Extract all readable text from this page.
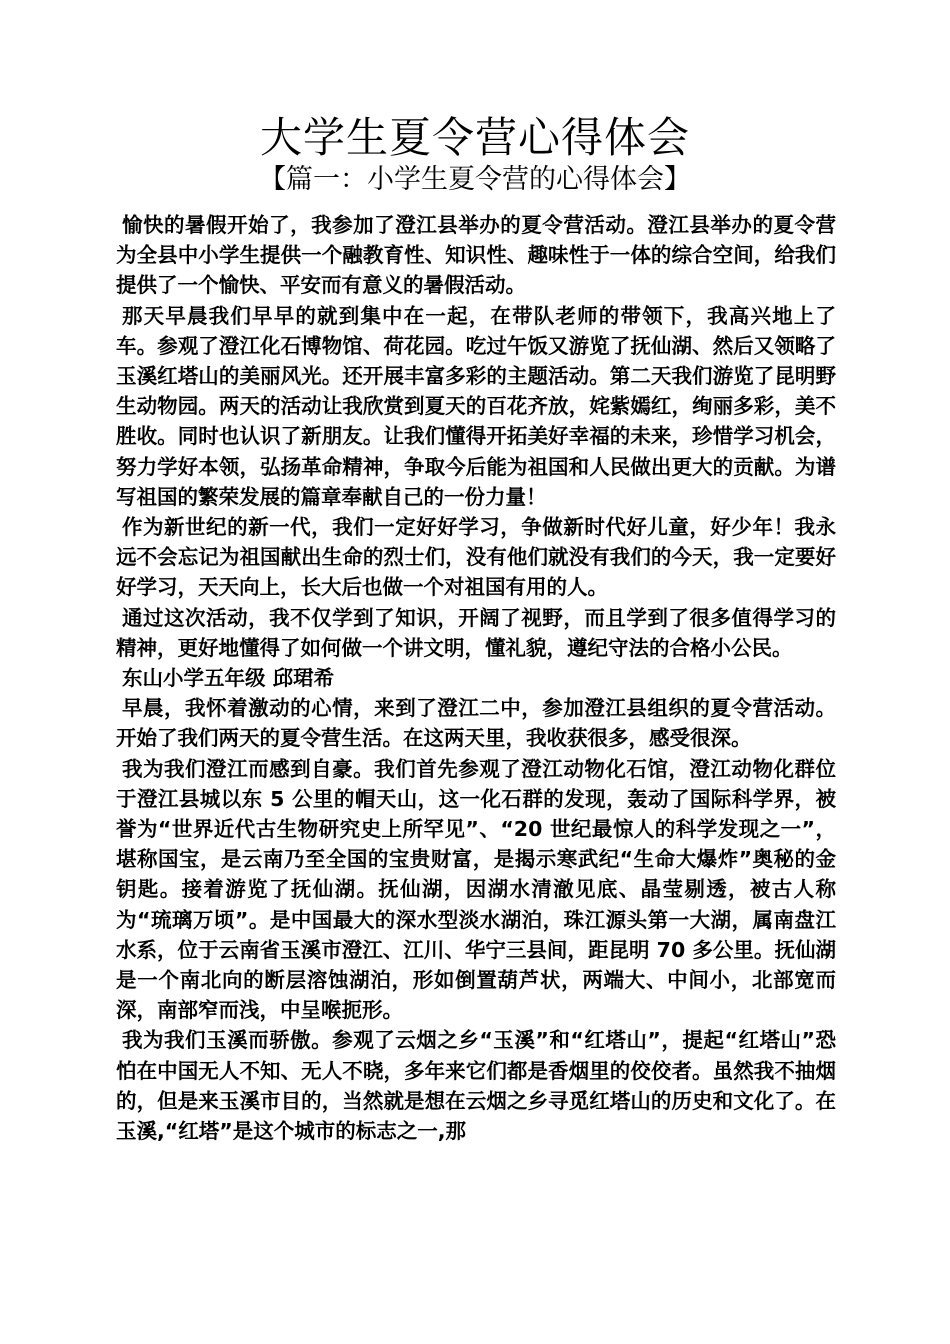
大学生夏令营心得体会
【篇一：小学生夏令营的心得体会】

愉快的暑假开始了，我参加了澄江县举办的夏令营活动。澄江县举办的夏令营为全县中小学生提供一个融教育性、知识性、趣味性于一体的综合空间，给我们提供了一个愉快、平安而有意义的暑假活动。

那天早晨我们早早的就到集中在一起，在带队老师的带领下，我高兴地上了车。参观了澄江化石博物馆、荷花园。吃过午饭又游览了抚仙湖、然后又领略了玉溪红塔山的美丽风光。还开展丰富多彩的主题活动。第二天我们游览了昆明野生动物园。两天的活动让我欣赏到夏天的百花齐放，姹紫嫣红，绚丽多彩，美不胜收。同时也认识了新朋友。让我们懂得开拓美好幸福的未来，珍惜学习机会，努力学好本领，弘扬革命精神，争取今后能为祖国和人民做出更大的贡献。为谱写祖国的繁荣发展的篇章奉献自己的一份力量！

作为新世纪的新一代，我们一定好好学习，争做新时代好儿童，好少年！我永远不会忘记为祖国献出生命的烈士们，没有他们就没有我们的今天，我一定要好好学习，天天向上，长大后也做一个对祖国有用的人。

通过这次活动，我不仅学到了知识，开阔了视野，而且学到了很多值得学习的精神，更好地懂得了如何做一个讲文明，懂礼貌，遵纪守法的合格小公民。

东山小学五年级 邱珺希

早晨，我怀着激动的心情，来到了澄江二中，参加澄江县组织的夏令营活动。开始了我们两天的夏令营生活。在这两天里，我收获很多，感受很深。

我为我们澄江而感到自豪。我们首先参观了澄江动物化石馆，澄江动物化群位于澄江县城以东 5 公里的帽天山，这一化石群的发现，轰动了国际科学界，被誉为“世界近代古生物研究史上所罕见”、“20 世纪最惊人的科学发现之一”，堪称国宝，是云南乃至全国的宝贵财富，是揭示寒武纪“生命大爆炸”奥秘的金钥匙。接着游览了抚仙湖。抚仙湖，因湖水清澈见底、晶莹剔透，被古人称为“琉璃万顷”。是中国最大的深水型淡水湖泊，珠江源头第一大湖，属南盘江水系，位于云南省玉溪市澄江、江川、华宁三县间，距昆明 70 多公里。抚仙湖是一个南北向的断层溶蚀湖泊，形如倒置葫芦状，两端大、中间小，北部宽而深，南部窄而浅，中呈喉扼形。

我为我们玉溪而骄傲。参观了云烟之乡“玉溪”和“红塔山”，提起“红塔山”恐怕在中国无人不知、无人不晓，多年来它们都是香烟里的佼佼者。虽然我不抽烟的，但是来玉溪市目的，当然就是想在云烟之乡寻觅红塔山的历史和文化了。在玉溪,“红塔”是这个城市的标志之一,那
